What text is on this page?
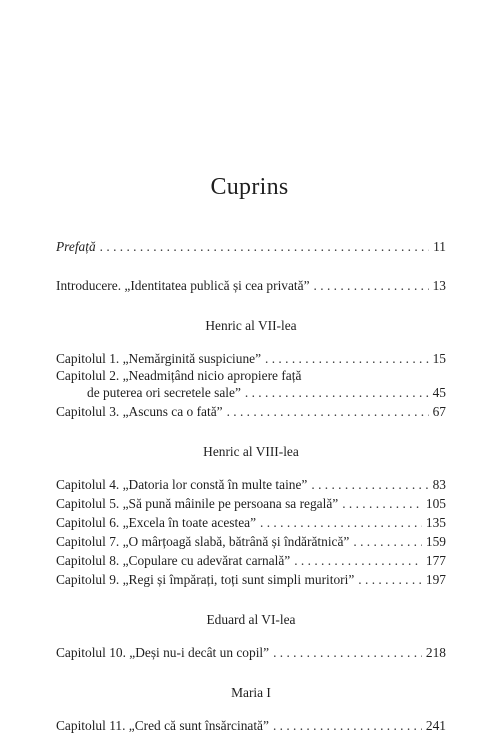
Cuprins
Prefață . . .	11
Introducere. „Identitatea publică și cea privată” . . .	13
Henric al VII-lea
Capitolul 1. „Nemărginită suspiciune” . . .	15
Capitolul 2. „Neadmițând nicio apropiere față
de puterea ori secretele sale” . . .	45
Capitolul 3. „Ascuns ca o fată” . . .	67
Henric al VIII-lea
Capitolul 4. „Datoria lor constă în multe taine” . . .	83
Capitolul 5. „Să pună mâinile pe persoana sa regală” . . .	105
Capitolul 6. „Excela în toate acestea” . . .	135
Capitolul 7. „O mârțoagă slabă, bătrână și îndărătnică” . . .	159
Capitolul 8. „Copulare cu adevărat carnală” . . .	177
Capitolul 9. „Regi și împărați, toți sunt simpli muritori” . . .	197
Eduard al VI-lea
Capitolul 10. „Deși nu-i decât un copil” . . .	218
Maria I
Capitolul 11. „Cred că sunt însărcinată” . . .	241
